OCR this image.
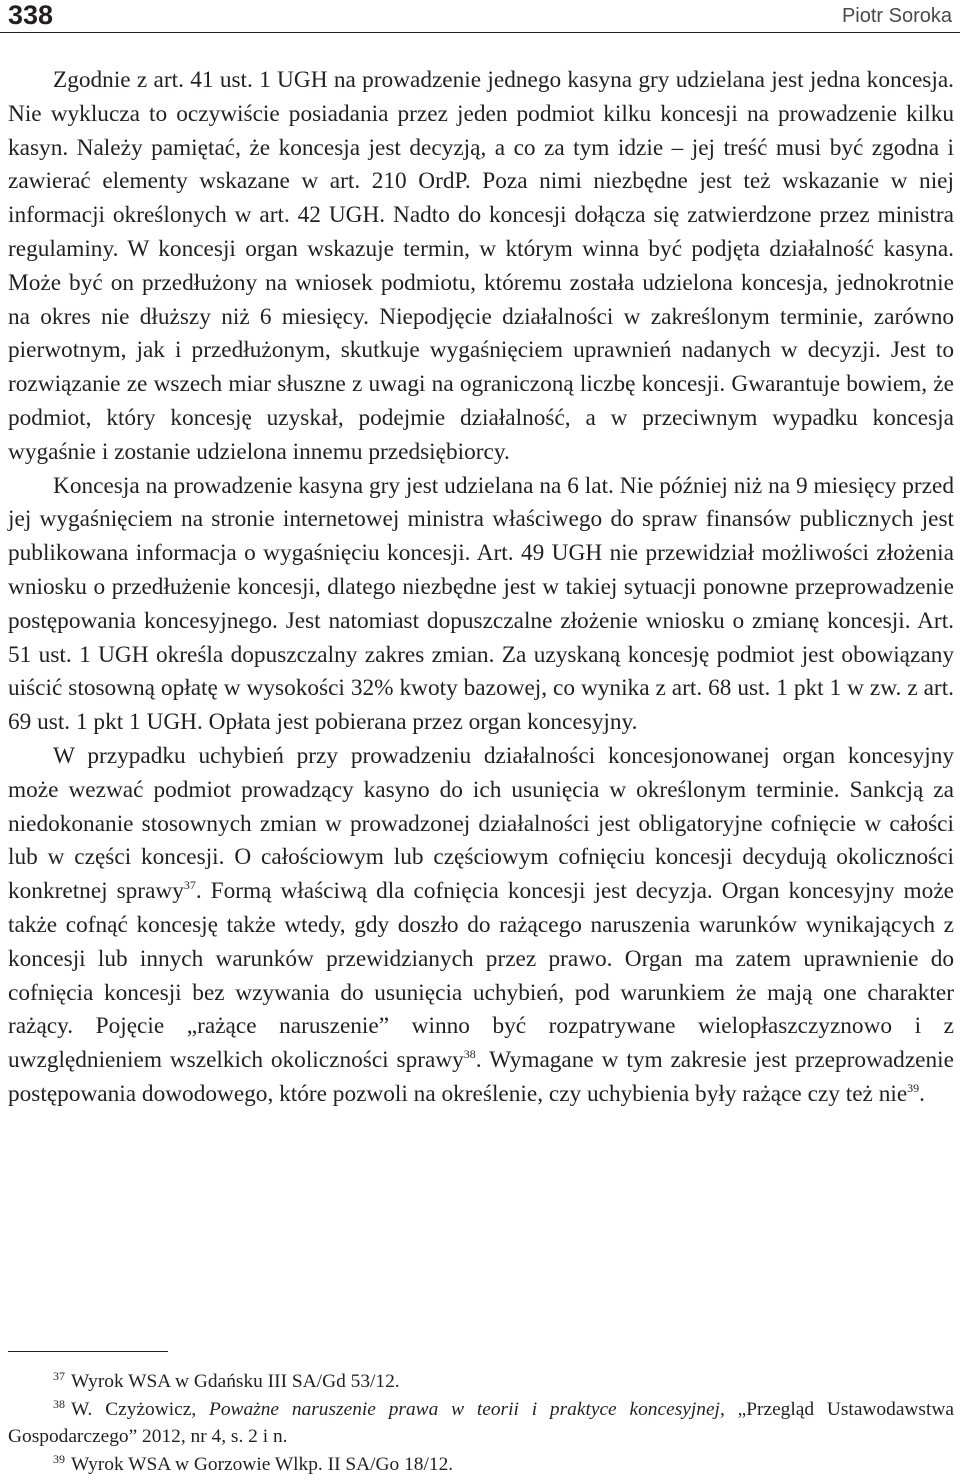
338	Piotr Soroka

Zgodnie z art. 41 ust. 1 UGH na prowadzenie jednego kasyna gry udzielana jest jedna koncesja. Nie wyklucza to oczywiście posiadania przez jeden podmiot kilku koncesji na prowadzenie kilku kasyn. Należy pamiętać, że koncesja jest decyzją, a co za tym idzie – jej treść musi być zgodna i zawierać elementy wskazane w art. 210 OrdP. Poza nimi niezbędne jest też wskazanie w niej informacji określonych w art. 42 UGH. Nadto do koncesji dołącza się zatwierdzone przez ministra regulaminy. W koncesji organ wskazuje termin, w którym winna być podjęta działalność kasyna. Może być on przedłużony na wniosek podmiotu, któremu została udzielona koncesja, jednokrotnie na okres nie dłuższy niż 6 miesięcy. Niepodjęcie działalności w zakreślonym terminie, zarówno pierwotnym, jak i przedłużonym, skutkuje wygaśnięciem uprawnień nadanych w decyzji. Jest to rozwiązanie ze wszech miar słuszne z uwagi na ograniczoną liczbę koncesji. Gwarantuje bowiem, że podmiot, który koncesję uzyskał, podejmie działalność, a w przeciwnym wypadku koncesja wygaśnie i zostanie udzielona innemu przedsiębiorcy.

Koncesja na prowadzenie kasyna gry jest udzielana na 6 lat. Nie później niż na 9 miesięcy przed jej wygaśnięciem na stronie internetowej ministra właściwego do spraw finansów publicznych jest publikowana informacja o wygaśnięciu koncesji. Art. 49 UGH nie przewidział możliwości złożenia wniosku o przedłużenie koncesji, dlatego niezbędne jest w takiej sytuacji ponowne przeprowadzenie postępowania koncesyjnego. Jest natomiast dopuszczalne złożenie wniosku o zmianę koncesji. Art. 51 ust. 1 UGH określa dopuszczalny zakres zmian. Za uzyskaną koncesję podmiot jest obowiązany uiścić stosowną opłatę w wysokości 32% kwoty bazowej, co wynika z art. 68 ust. 1 pkt 1 w zw. z art. 69 ust. 1 pkt 1 UGH. Opłata jest pobierana przez organ koncesyjny.

W przypadku uchybień przy prowadzeniu działalności koncesjonowanej organ koncesyjny może wezwać podmiot prowadzący kasyno do ich usunięcia w określonym terminie. Sankcją za niedokonanie stosownych zmian w prowadzonej działalności jest obligatoryjne cofnięcie w całości lub w części koncesji. O całościowym lub częściowym cofnięciu koncesji decydują okoliczności konkretnej sprawy$^{37}$. Formą właściwą dla cofnięcia koncesji jest decyzja. Organ koncesyjny może także cofnąć koncesję także wtedy, gdy doszło do rażącego naruszenia warunków wynikających z koncesji lub innych warunków przewidzianych przez prawo. Organ ma zatem uprawnienie do cofnięcia koncesji bez wzywania do usunięcia uchybień, pod warunkiem że mają one charakter rażący. Pojęcie „rażące naruszenie” winno być rozpatrywane wielopłaszczyznowo i z uwzględnieniem wszelkich okoliczności sprawy$^{38}$. Wymagane w tym zakresie jest przeprowadzenie postępowania dowodowego, które pozwoli na określenie, czy uchybienia były rażące czy też nie$^{39}$.

$^{37}$ Wyrok WSA w Gdańsku III SA/Gd 53/12.

$^{38}$ W. Czyżowicz, Poważne naruszenie prawa w teorii i praktyce koncesyjnej, „Przegląd Ustawodawstwa Gospodarczego” 2012, nr 4, s. 2 i n.

$^{39}$ Wyrok WSA w Gorzowie Wlkp. II SA/Go 18/12.
